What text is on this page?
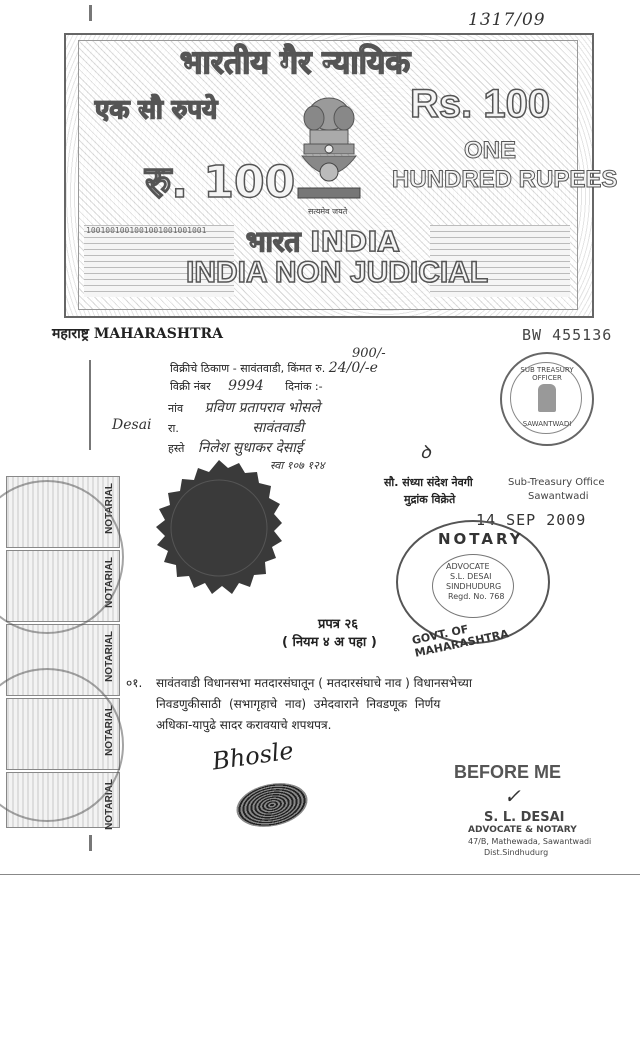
1317/09
भारतीय गैर न्यायिक
एक सौ रुपये	Rs. 100
रु. 100
ONE
HUNDRED RUPEES
सत्यमेव जयते
1001001001001001001001001 भारत INDIA
INDIA NON JUDICIAL
महाराष्ट्र MAHARASHTRA	BW 455136
900/-
विक्रीचे ठिकाण - सावंतवाडी, किंमत रु. 24/0/-e
विक्री नंबर 9994 दिनांक :-
नांव प्रविण प्रतापराव भोसले
रा.	सावंतवाडी
हस्ते निलेश सुधाकर देसाई
स्वा १०७ १२४
Desai
SUB TREASURY OFFICER
SAWANTWADI
सौ. संध्या संदेश नेवगी
मुद्रांक विक्रेते
ꝺ
Sub-Treasury Office
Sawantwadi
14 SEP 2009
NOTARY
ADVOCATE
S.L. DESAI
SINDHUDURG
Regd. No. 768
GOVT. OF MAHARASHTRA
NOTARIAL
NOTARIAL
NOTARIAL
NOTARIAL
NOTARIAL
प्रपत्र २६
( नियम ४ अ पहा )
०१. सावंतवाडी विधानसभा मतदारसंघातून ( मतदारसंघाचे नाव ) विधानसभेच्या
निवडणुकीसाठी (सभागृहाचे नाव) उमेदवाराने निवडणूक निर्णय
अधिका-यापुढे सादर करावयाचे शपथपत्र.
Bhosle	BEFORE ME
✓
S. L. DESAI
ADVOCATE & NOTARY
47/B, Mathewada, Sawantwadi
Dist.Sindhudurg
